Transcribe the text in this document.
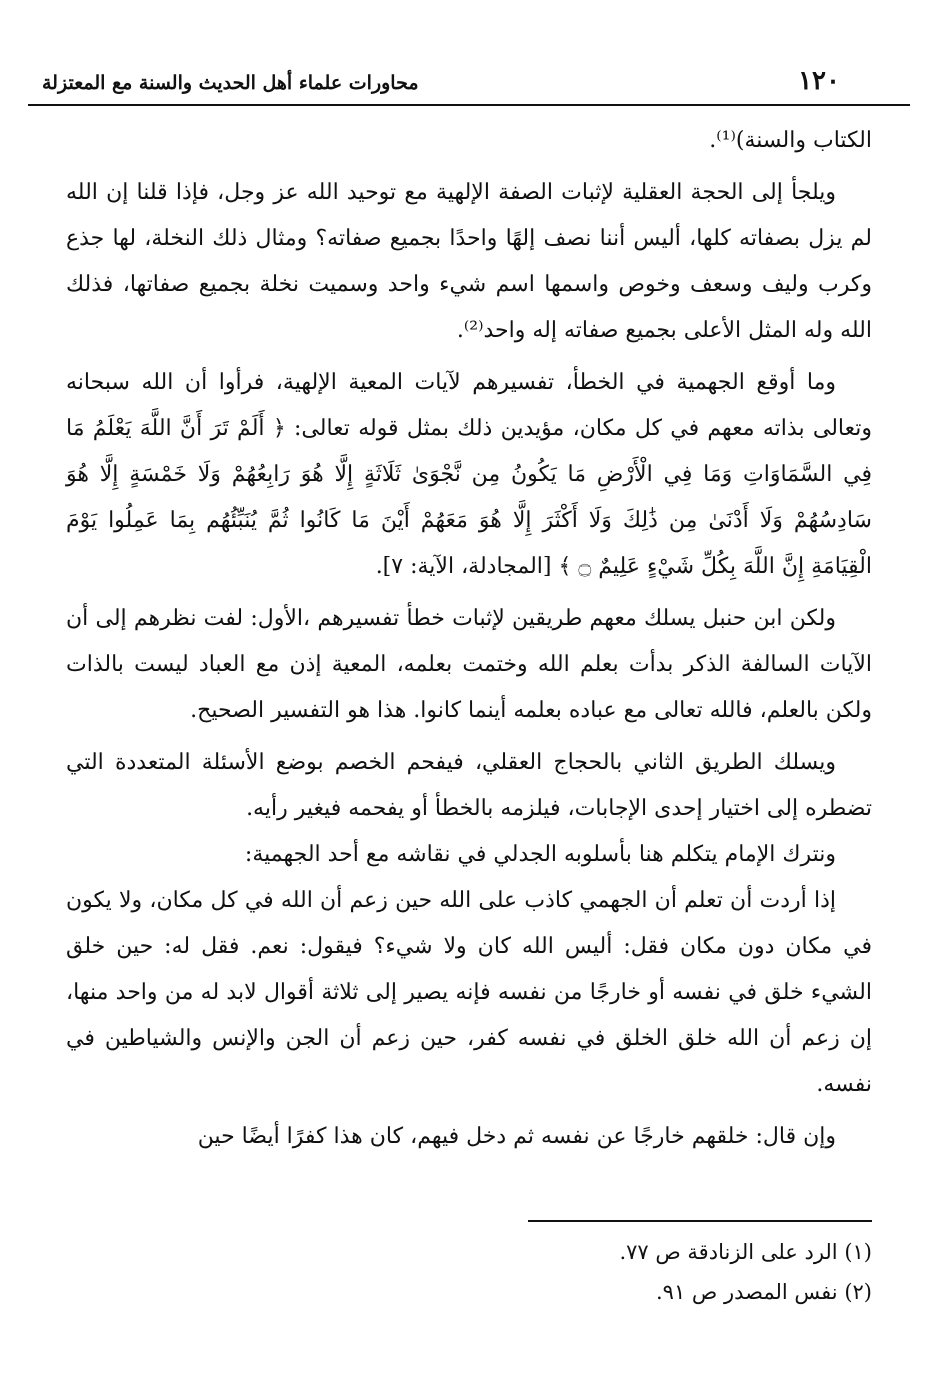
١٢٠
محاورات علماء أهل الحديث والسنة مع المعتزلة

الكتاب والسنة)⁽¹⁾.

ويلجأ إلى الحجة العقلية لإثبات الصفة الإلهية مع توحيد الله عز وجل، فإذا قلنا إن الله لم يزل بصفاته كلها، أليس أننا نصف إلهًا واحدًا بجميع صفاته؟ ومثال ذلك النخلة، لها جذع وكرب وليف وسعف وخوص واسمها اسم شيء واحد وسميت نخلة بجميع صفاتها، فذلك الله وله المثل الأعلى بجميع صفاته إله واحد⁽²⁾.

وما أوقع الجهمية في الخطأ، تفسيرهم لآيات المعية الإلهية، فرأوا أن الله سبحانه وتعالى بذاته معهم في كل مكان، مؤيدين ذلك بمثل قوله تعالى: ﴿ أَلَمْ تَرَ أَنَّ اللَّهَ يَعْلَمُ مَا فِي السَّمَاوَاتِ وَمَا فِي الْأَرْضِ مَا يَكُونُ مِن نَّجْوَىٰ ثَلَاثَةٍ إِلَّا هُوَ رَابِعُهُمْ وَلَا خَمْسَةٍ إِلَّا هُوَ سَادِسُهُمْ وَلَا أَدْنَىٰ مِن ذَٰلِكَ وَلَا أَكْثَرَ إِلَّا هُوَ مَعَهُمْ أَيْنَ مَا كَانُوا ثُمَّ يُنَبِّئُهُم بِمَا عَمِلُوا يَوْمَ الْقِيَامَةِ إِنَّ اللَّهَ بِكُلِّ شَيْءٍ عَلِيمٌ ۝ ﴾ [المجادلة، الآية: ٧].

ولكن ابن حنبل يسلك معهم طريقين لإثبات خطأ تفسيرهم ،الأول: لفت نظرهم إلى أن الآيات السالفة الذكر بدأت بعلم الله وختمت بعلمه، المعية إذن مع العباد ليست بالذات ولكن بالعلم، فالله تعالى مع عباده بعلمه أينما كانوا. هذا هو التفسير الصحيح.

ويسلك الطريق الثاني بالحجاج العقلي، فيفحم الخصم بوضع الأسئلة المتعددة التي تضطره إلى اختيار إحدى الإجابات، فيلزمه بالخطأ أو يفحمه فيغير رأيه.

ونترك الإمام يتكلم هنا بأسلوبه الجدلي في نقاشه مع أحد الجهمية:

إذا أردت أن تعلم أن الجهمي كاذب على الله حين زعم أن الله في كل مكان، ولا يكون في مكان دون مكان فقل: أليس الله كان ولا شيء؟ فيقول: نعم. فقل له: حين خلق الشيء خلق في نفسه أو خارجًا من نفسه فإنه يصير إلى ثلاثة أقوال لابد له من واحد منها، إن زعم أن الله خلق الخلق في نفسه كفر، حين زعم أن الجن والإنس والشياطين في نفسه.

وإن قال: خلقهم خارجًا عن نفسه ثم دخل فيهم، كان هذا كفرًا أيضًا حين

(١) الرد على الزنادقة ص ٧٧.

(٢) نفس المصدر ص ٩١.
